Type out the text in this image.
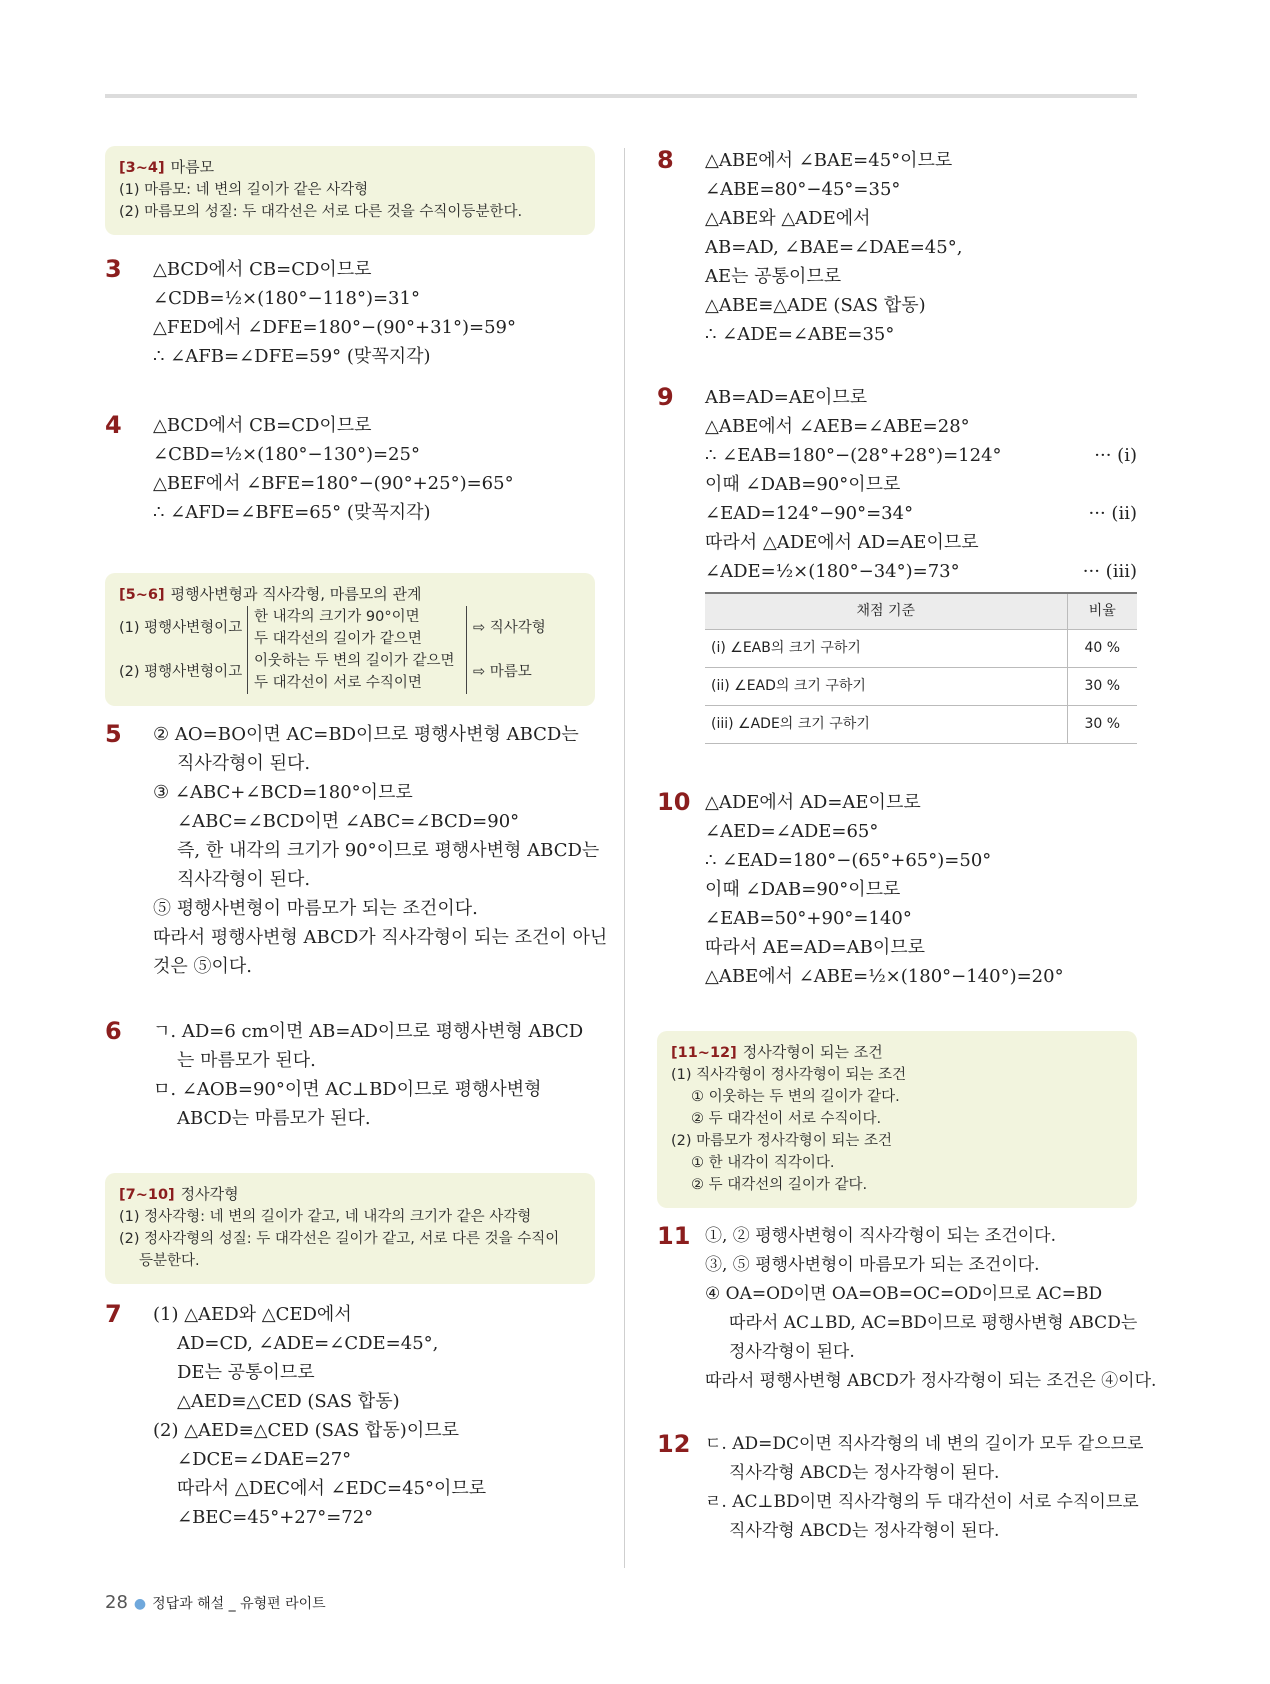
[3~4] 마름모
(1) 마름모: 네 변의 길이가 같은 사각형
(2) 마름모의 성질: 두 대각선은 서로 다른 것을 수직이등분한다.
3 △BCD에서 CB=CD이므로
∠CDB=½×(180°−118°)=31°
△FED에서 ∠DFE=180°−(90°+31°)=59°
∴ ∠AFB=∠DFE=59° (맞꼭지각)
4 △BCD에서 CB=CD이므로
∠CBD=½×(180°−130°)=25°
△BEF에서 ∠BFE=180°−(90°+25°)=65°
∴ ∠AFD=∠BFE=65° (맞꼭지각)
[5~6] 평행사변형과 직사각형, 마름모의 관계
(1) 평행사변형이고
한 내각의 크기가 90°이면
두 대각선의 길이가 같으면
⇨ 직사각형
(2) 평행사변형이고
이웃하는 두 변의 길이가 같으면
두 대각선이 서로 수직이면
⇨ 마름모
5 ② AO=BO이면 AC=BD이므로 평행사변형 ABCD는
직사각형이 된다.
③ ∠ABC+∠BCD=180°이므로
∠ABC=∠BCD이면 ∠ABC=∠BCD=90°
즉, 한 내각의 크기가 90°이므로 평행사변형 ABCD는
직사각형이 된다.
⑤ 평행사변형이 마름모가 되는 조건이다.
따라서 평행사변형 ABCD가 직사각형이 되는 조건이 아닌
것은 ⑤이다.
6 ㄱ. AD=6 cm이면 AB=AD이므로 평행사변형 ABCD
는 마름모가 된다.
ㅁ. ∠AOB=90°이면 AC⊥BD이므로 평행사변형
ABCD는 마름모가 된다.
[7~10] 정사각형
(1) 정사각형: 네 변의 길이가 같고, 네 내각의 크기가 같은 사각형
(2) 정사각형의 성질: 두 대각선은 길이가 같고, 서로 다른 것을 수직이
등분한다.
7 (1) △AED와 △CED에서
AD=CD, ∠ADE=∠CDE=45°,
DE는 공통이므로
△AED≡△CED (SAS 합동)
(2) △AED≡△CED (SAS 합동)이므로
∠DCE=∠DAE=27°
따라서 △DEC에서 ∠EDC=45°이므로
∠BEC=45°+27°=72°
8 △ABE에서 ∠BAE=45°이므로
∠ABE=80°−45°=35°
△ABE와 △ADE에서
AB=AD, ∠BAE=∠DAE=45°,
AE는 공통이므로
△ABE≡△ADE (SAS 합동)
∴ ∠ADE=∠ABE=35°
9 AB=AD=AE이므로
△ABE에서 ∠AEB=∠ABE=28°
∴ ∠EAB=180°−(28°+28°)=124°	··· (i)
이때 ∠DAB=90°이므로
∠EAD=124°−90°=34°	··· (ii)
따라서 △ADE에서 AD=AE이므로
∠ADE=½×(180°−34°)=73°	··· (iii)
채점 기준	비율
(i) ∠EAB의 크기 구하기	40 %
(ii) ∠EAD의 크기 구하기	30 %
(iii) ∠ADE의 크기 구하기	30 %
10 △ADE에서 AD=AE이므로
∠AED=∠ADE=65°
∴ ∠EAD=180°−(65°+65°)=50°
이때 ∠DAB=90°이므로
∠EAB=50°+90°=140°
따라서 AE=AD=AB이므로
△ABE에서 ∠ABE=½×(180°−140°)=20°
[11~12] 정사각형이 되는 조건
(1) 직사각형이 정사각형이 되는 조건
① 이웃하는 두 변의 길이가 같다.
② 두 대각선이 서로 수직이다.
(2) 마름모가 정사각형이 되는 조건
① 한 내각이 직각이다.
② 두 대각선의 길이가 같다.
11 ①, ② 평행사변형이 직사각형이 되는 조건이다.
③, ⑤ 평행사변형이 마름모가 되는 조건이다.
④ OA=OD이면 OA=OB=OC=OD이므로 AC=BD
따라서 AC⊥BD, AC=BD이므로 평행사변형 ABCD는
정사각형이 된다.
따라서 평행사변형 ABCD가 정사각형이 되는 조건은 ④이다.
12 ㄷ. AD=DC이면 직사각형의 네 변의 길이가 모두 같으므로
직사각형 ABCD는 정사각형이 된다.
ㄹ. AC⊥BD이면 직사각형의 두 대각선이 서로 수직이므로
직사각형 ABCD는 정사각형이 된다.
28 ● 정답과 해설 _ 유형편 라이트
